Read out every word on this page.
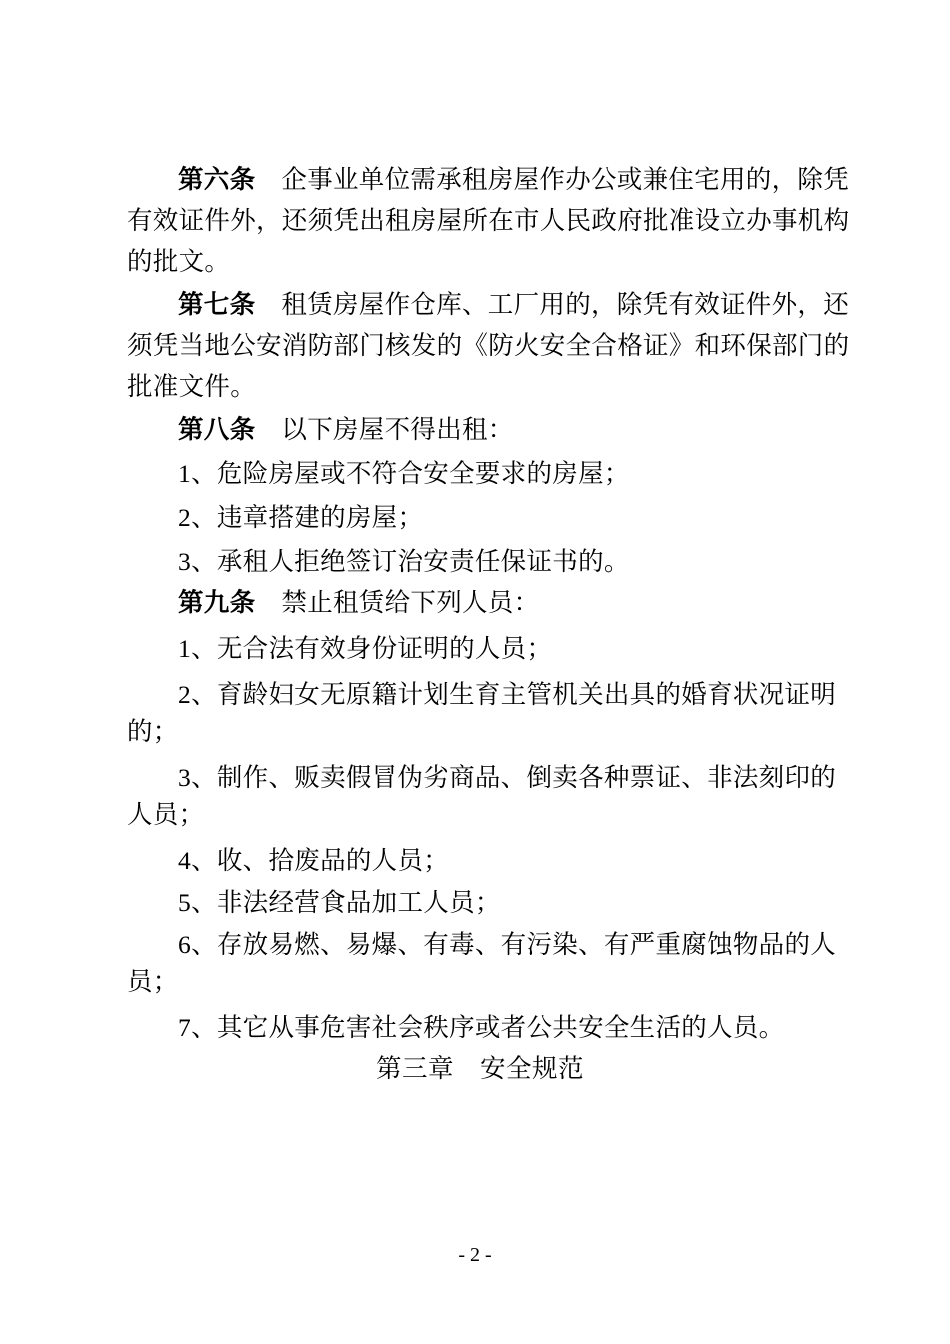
第六条 企事业单位需承租房屋作办公或兼住宅用的，除凭

有效证件外，还须凭出租房屋所在市人民政府批准设立办事机构

的批文。

第七条 租赁房屋作仓库、工厂用的，除凭有效证件外，还

须凭当地公安消防部门核发的《防火安全合格证》和环保部门的

批准文件。

第八条 以下房屋不得出租：

1、危险房屋或不符合安全要求的房屋；

2、违章搭建的房屋；

3、承租人拒绝签订治安责任保证书的。

第九条 禁止租赁给下列人员：

1、无合法有效身份证明的人员；

2、育龄妇女无原籍计划生育主管机关出具的婚育状况证明

的；

3、制作、贩卖假冒伪劣商品、倒卖各种票证、非法刻印的

人员；

4、收、拾废品的人员；

5、非法经营食品加工人员；

6、存放易燃、易爆、有毒、有污染、有严重腐蚀物品的人

员；

7、其它从事危害社会秩序或者公共安全生活的人员。

第三章 安全规范

- 2 -
